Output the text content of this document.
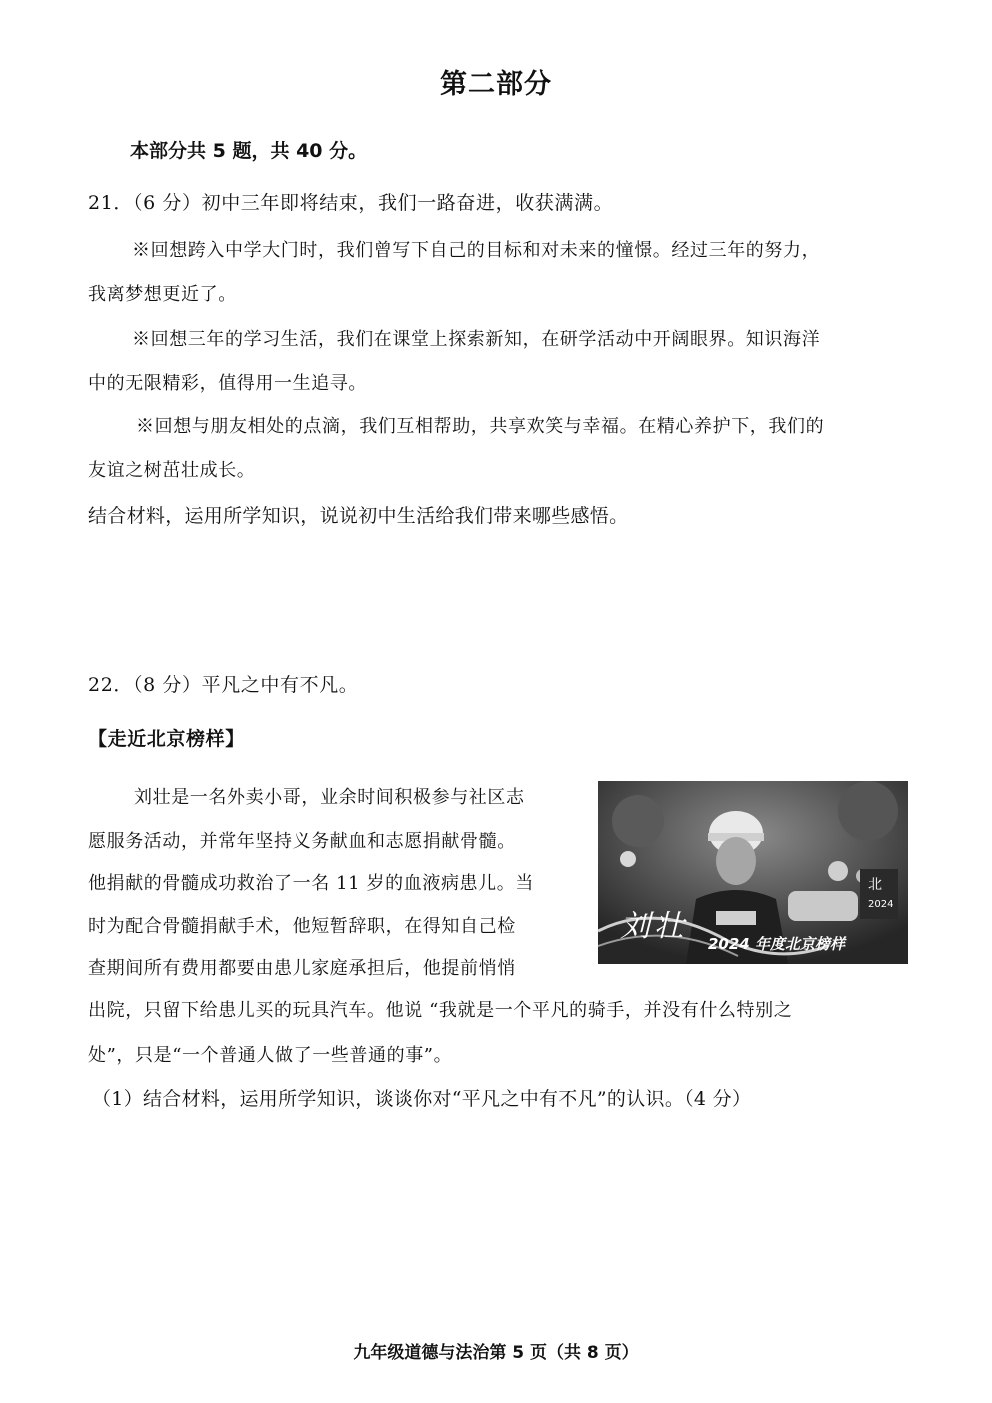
第二部分
本部分共 5 题，共 40 分。
21．（6 分）初中三年即将结束，我们一路奋进，收获满满。
※回想跨入中学大门时，我们曾写下自己的目标和对未来的憧憬。经过三年的努力，
我离梦想更近了。
※回想三年的学习生活，我们在课堂上探索新知，在研学活动中开阔眼界。知识海洋
中的无限精彩，值得用一生追寻。
※回想与朋友相处的点滴，我们互相帮助，共享欢笑与幸福。在精心养护下，我们的
友谊之树茁壮成长。
结合材料，运用所学知识，说说初中生活给我们带来哪些感悟。
22．（8 分）平凡之中有不凡。
【走近北京榜样】
刘壮是一名外卖小哥，业余时间积极参与社区志
愿服务活动，并常年坚持义务献血和志愿捐献骨髓。
他捐献的骨髓成功救治了一名 11 岁的血液病患儿。当
时为配合骨髓捐献手术，他短暂辞职，在得知自己检
查期间所有费用都要由患儿家庭承担后，他提前悄悄
出院，只留下给患儿买的玩具汽车。他说 “我就是一个平凡的骑手，并没有什么特别之
处”，只是“一个普通人做了一些普通的事”。
北
2024
刘壮 2024 年度北京榜样
（1）结合材料，运用所学知识，谈谈你对“平凡之中有不凡”的认识。（4 分）
九年级道德与法治第 5 页（共 8 页）
